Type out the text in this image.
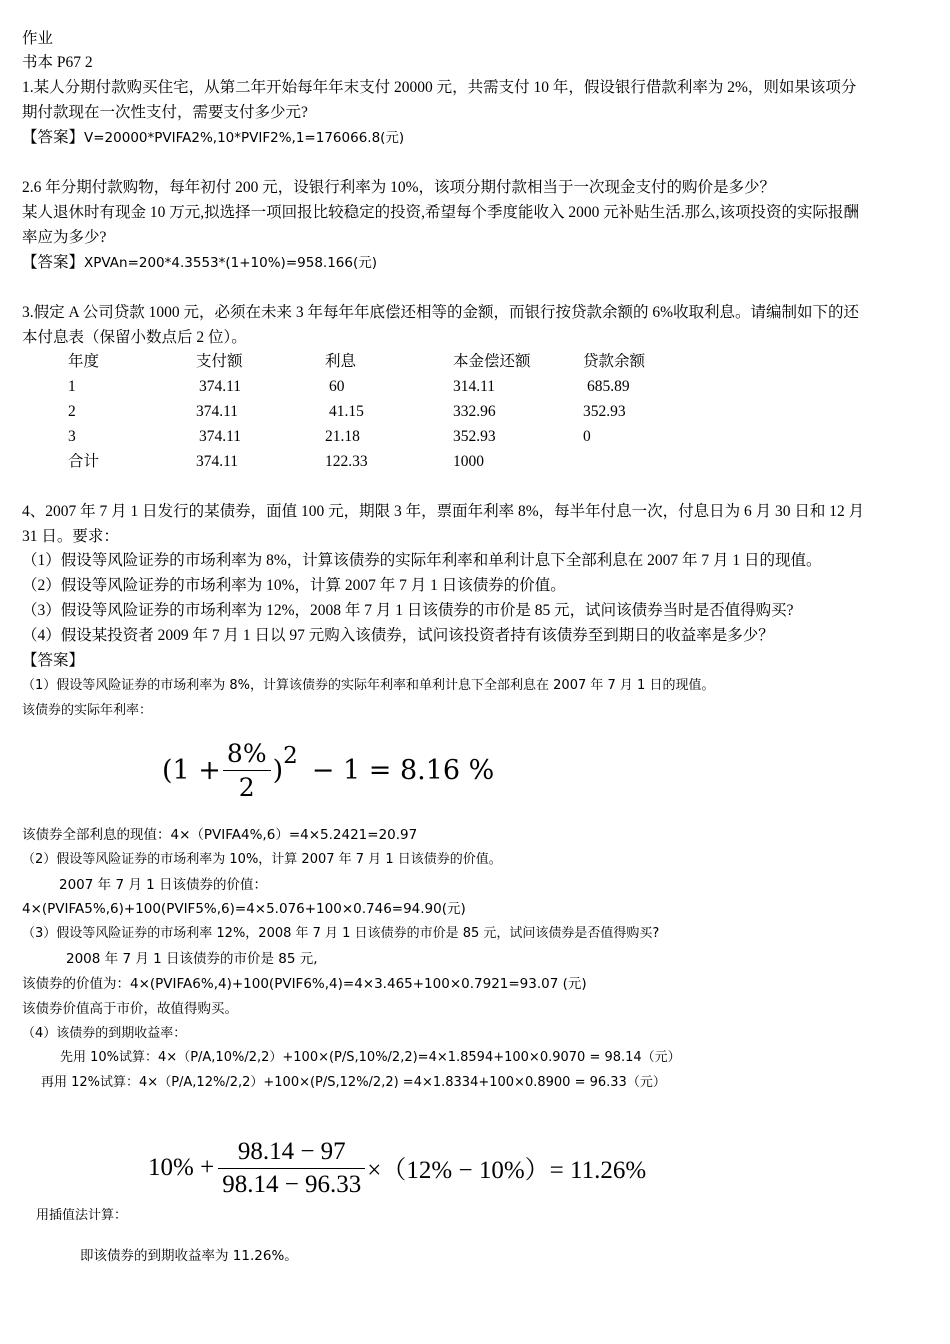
作业
书本 P67 2
1.某人分期付款购买住宅，从第二年开始每年年末支付 20000 元，共需支付 10 年，假设银行借款利率为 2%，则如果该项分
期付款现在一次性支付，需要支付多少元?
【答案】V=20000*PVIFA2%,10*PVIF2%,1=176066.8(元)
2.6 年分期付款购物，每年初付 200 元，设银行利率为 10%，该项分期付款相当于一次现金支付的购价是多少？
某人退休时有现金 10 万元,拟选择一项回报比较稳定的投资,希望每个季度能收入 2000 元补贴生活.那么,该项投资的实际报酬
率应为多少?
【答案】XPVAn=200*4.3553*(1+10%)=958.166(元)
3.假定 A 公司贷款 1000 元，必须在未来 3 年每年年底偿还相等的金额，而银行按贷款余额的 6%收取利息。请编制如下的还
本付息表（保留小数点后 2 位）。
年度	支付额	利息	本金偿还额	贷款余额
1	374.11	60	314.11	685.89
2	374.11	41.15	332.96	352.93
3	374.11	21.18	352.93	0
合计	374.11	122.33	1000
4、2007 年 7 月 1 日发行的某债券，面值 100 元，期限 3 年，票面年利率 8%，每半年付息一次，付息日为 6 月 30 日和 12 月
31 日。要求：
（1）假设等风险证券的市场利率为 8%，计算该债券的实际年利率和单利计息下全部利息在 2007 年 7 月 1 日的现值。
（2）假设等风险证券的市场利率为 10%，计算 2007 年 7 月 1 日该债券的价值。
（3）假设等风险证券的市场利率为 12%，2008 年 7 月 1 日该债券的市价是 85 元，试问该债券当时是否值得购买?
（4）假设某投资者 2009 年 7 月 1 日以 97 元购入该债券，试问该投资者持有该债券至到期日的收益率是多少？
【答案】
（1）假设等风险证券的市场利率为 8%，计算该债券的实际年利率和单利计息下全部利息在 2007 年 7 月 1 日的现值。
该债券的实际年利率：
($1 + \frac{8\%}{2}$ ) 2 − 1 = 8.16 %
该债券全部利息的现值：4×（PVIFA4%,6）=4×5.2421=20.97
（2）假设等风险证券的市场利率为 10%，计算 2007 年 7 月 1 日该债券的价值。
2007 年 7 月 1 日该债券的价值：
4×(PVIFA5%,6)+100(PVIF5%,6)=4×5.076+100×0.746=94.90(元)
（3）假设等风险证券的市场利率 12%，2008 年 7 月 1 日该债券的市价是 85 元，试问该债券是否值得购买?
2008 年 7 月 1 日该债券的市价是 85 元,
该债券的价值为：4×(PVIFA6%,4)+100(PVIF6%,4)=4×3.465+100×0.7921=93.07 (元)
该债券价值高于市价，故值得购买。
（4）该债券的到期收益率：
先用 10%试算：4×（P/A,10%/2,2）+100×(P/S,10%/2,2)=4×1.8594+100×0.9070 = 98.14（元）
再用 12%试算：4×（P/A,12%/2,2）+100×(P/S,12%/2,2) =4×1.8334+100×0.8900 = 96.33（元）
$10\% + \frac{98.14 - 97}{98.14 - 96.33} \times(12\% - 10\%)= 11.26\%$
用插值法计算：
即该债券的到期收益率为 11.26%。
